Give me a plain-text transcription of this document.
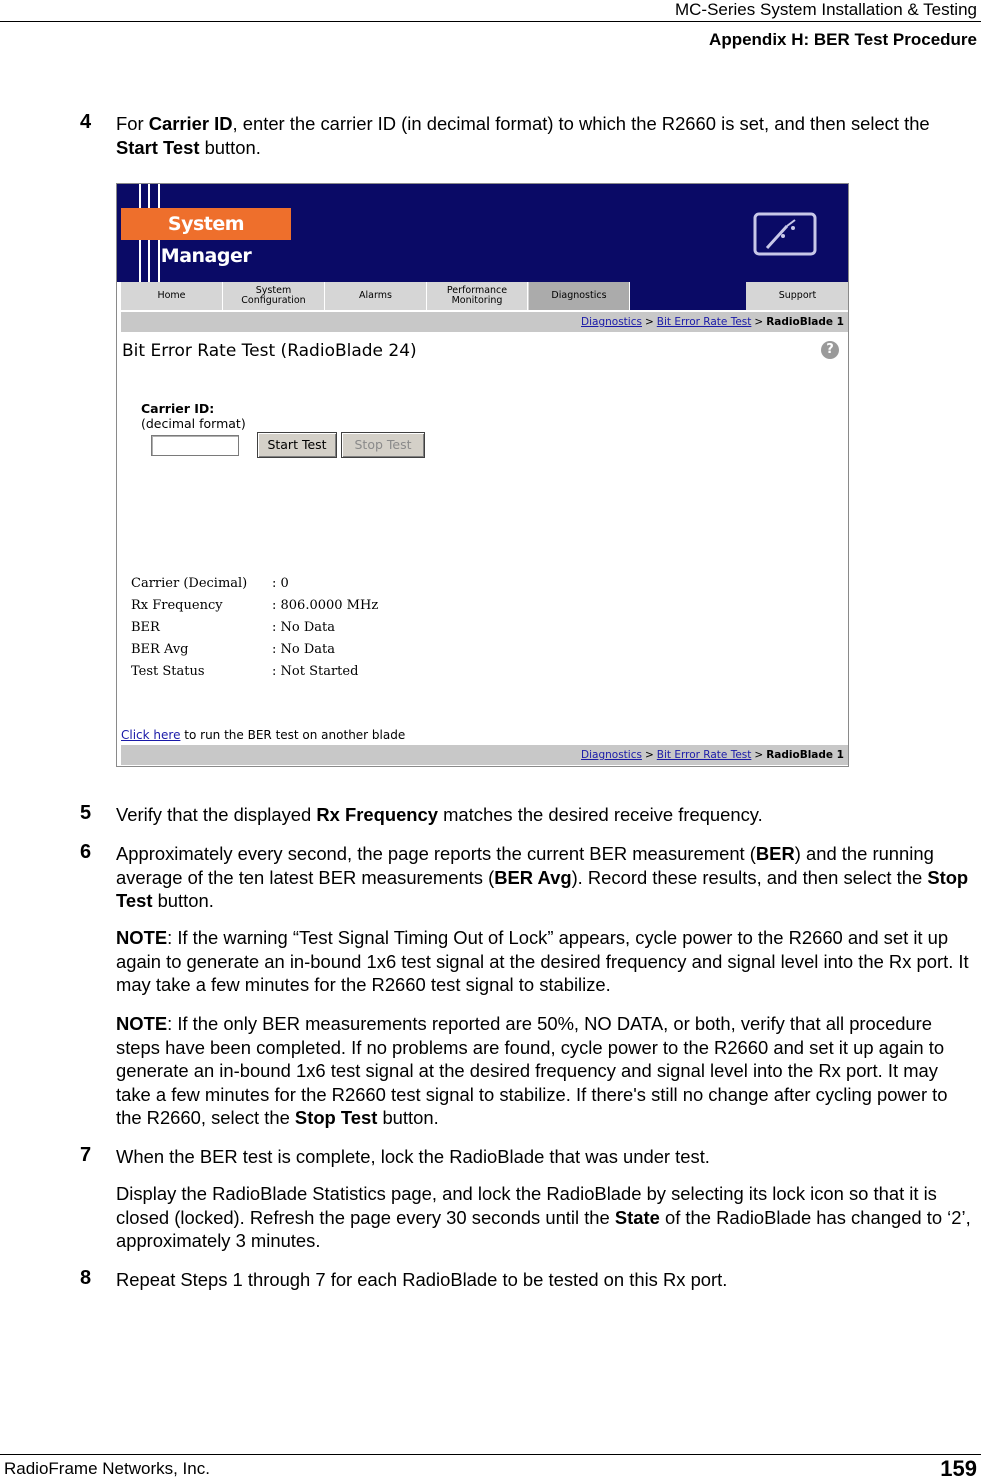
MC-Series System Installation & Testing
Appendix H: BER Test Procedure
4 For Carrier ID, enter the carrier ID (in decimal format) to which the R2660 is set, and then select the Start Test button.
System Manager
Home	System Configuration	Alarms	Performance Monitoring	Diagnostics	Support
Diagnostics > Bit Error Rate Test > RadioBlade 1
Bit Error Rate Test (RadioBlade 24)	?
Carrier ID:
(decimal format)
Start Test	Stop Test
Carrier (Decimal) : 0
Rx Frequency	: 806.0000 MHz
BER	: No Data
BER Avg	: No Data
Test Status	: Not Started
Click here to run the BER test on another blade
Diagnostics > Bit Error Rate Test > RadioBlade 1
5 Verify that the displayed Rx Frequency matches the desired receive frequency.
6 Approximately every second, the page reports the current BER measurement (BER) and the running average of the ten latest BER measurements (BER Avg). Record these results, and then select the Stop Test button.
NOTE: If the warning “Test Signal Timing Out of Lock” appears, cycle power to the R2660 and set it up again to generate an in-bound 1x6 test signal at the desired frequency and signal level into the Rx port. It may take a few minutes for the R2660 test signal to stabilize.
NOTE: If the only BER measurements reported are 50%, NO DATA, or both, verify that all procedure steps have been completed. If no problems are found, cycle power to the R2660 and set it up again to generate an in-bound 1x6 test signal at the desired frequency and signal level into the Rx port. It may take a few minutes for the R2660 test signal to stabilize. If there's still no change after cycling power to the R2660, select the Stop Test button.
7 When the BER test is complete, lock the RadioBlade that was under test.
Display the RadioBlade Statistics page, and lock the RadioBlade by selecting its lock icon so that it is closed (locked). Refresh the page every 30 seconds until the State of the RadioBlade has changed to ‘2’, approximately 3 minutes.
8 Repeat Steps 1 through 7 for each RadioBlade to be tested on this Rx port.
RadioFrame Networks, Inc.	159
